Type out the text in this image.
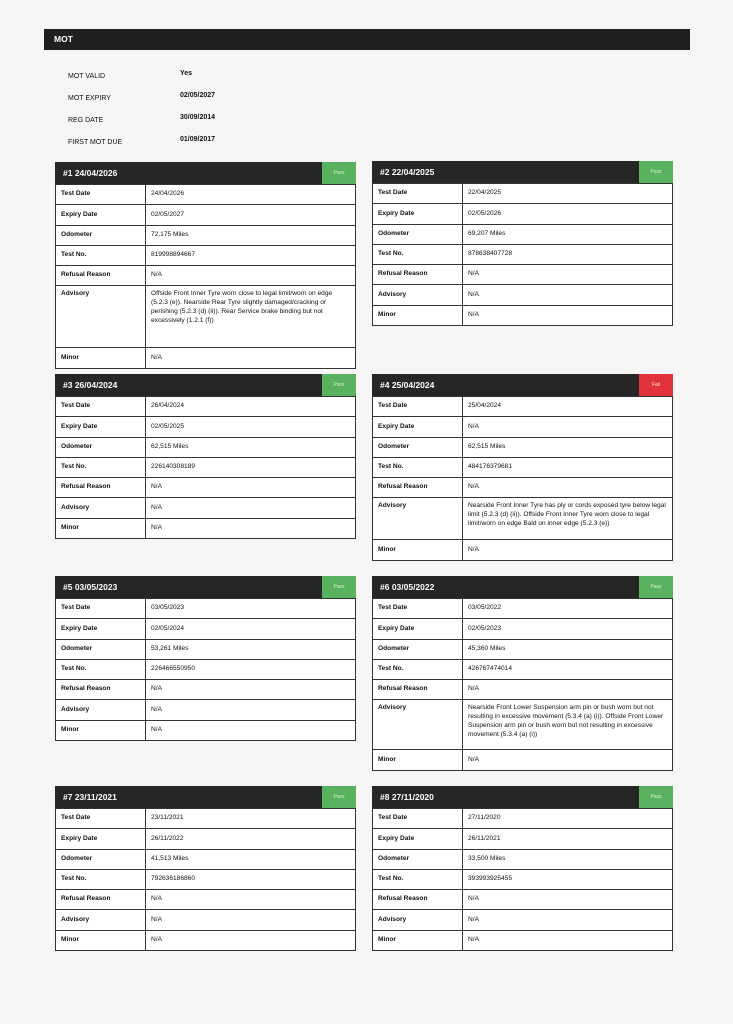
MOT
MOT VALID	Yes
MOT EXPIRY	02/05/2027
REG DATE	30/09/2014
FIRST MOT DUE	01/09/2017
#1 24/04/2026	Pass
Test Date	24/04/2026
Expiry Date	02/05/2027
Odometer	72,175 Miles
Test No.	819998894667
Refusal Reason	N/A
Advisory	Offside Front Inner Tyre worn close to legal limit/worn on edge (5.2.3 (e)). Nearside Rear Tyre slightly damaged/cracking or perishing (5.2.3 (d) (ii)). Rear Service brake binding but not excessively (1.2.1 (f))
Minor	N/A
#2 22/04/2025	Pass
Test Date	22/04/2025
Expiry Date	02/05/2026
Odometer	69,207 Miles
Test No.	878638407728
Refusal Reason	N/A
Advisory	N/A
Minor	N/A
#3 26/04/2024	Pass
Test Date	26/04/2024
Expiry Date	02/05/2025
Odometer	62,515 Miles
Test No.	226140308189
Refusal Reason	N/A
Advisory	N/A
Minor	N/A
#4 25/04/2024	Fail
Test Date	25/04/2024
Expiry Date	N/A
Odometer	62,515 Miles
Test No.	484176379681
Refusal Reason	N/A
Advisory	Nearside Front Inner Tyre has ply or cords exposed tyre below legal limit (5.2.3 (d) (ii)). Offside Front Inner Tyre worn close to legal limit/worn on edge Bald on inner edge (5.2.3 (e))
Minor	N/A
#5 03/05/2023	Pass
Test Date	03/05/2023
Expiry Date	02/05/2024
Odometer	53,261 Miles
Test No.	226466550950
Refusal Reason	N/A
Advisory	N/A
Minor	N/A
#6 03/05/2022	Pass
Test Date	03/05/2022
Expiry Date	02/05/2023
Odometer	45,360 Miles
Test No.	426767474014
Refusal Reason	N/A
Advisory	Nearside Front Lower Suspension arm pin or bush worn but not resulting in excessive movement (5.3.4 (a) (i)). Offside Front Lower Suspension arm pin or bush worn but not resulting in excessive movement (5.3.4 (a) (i))
Minor	N/A
#7 23/11/2021	Pass
Test Date	23/11/2021
Expiry Date	26/11/2022
Odometer	41,513 Miles
Test No.	792636186860
Refusal Reason	N/A
Advisory	N/A
Minor	N/A
#8 27/11/2020	Pass
Test Date	27/11/2020
Expiry Date	26/11/2021
Odometer	33,500 Miles
Test No.	393993925455
Refusal Reason	N/A
Advisory	N/A
Minor	N/A
